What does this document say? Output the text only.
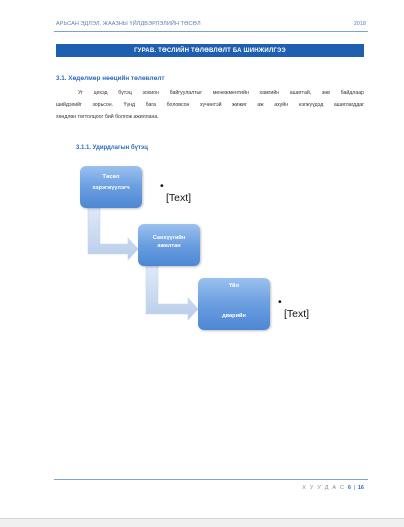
АРЬСАН ЭДЛЭЛ, ЖААЗНЫ ҮЙЛДВЭРЛЭЛИЙН ТӨСӨЛ	2018
ГУРАВ. ТӨСЛИЙН ТӨЛӨВЛӨЛТ БА ШИНЖИЛГЭЭ
3.1. Хөдөлмөр нөөцийн төлөвлөлт
Уг цехэд бүтэц зохион байгуулалтыг менежментийн хамгийн ашигтай, зөв байдлаар
шийдэхийг зорьсон. Үүнд бага боловсон хүчинтэй жижиг аж ахуйн нэгжүүдэд ашиглагддаг
хөндлөн төгтолцоог бий болгож ажиллана.
3.1.1. Удирдлагын бүтэц
Төсөл
хэрэгжүүлэгч	• [Text]
Санхүүгийн
ажилтан
Үйл
дварийн
• [Text]
Х У У Д А С 6 | 16
